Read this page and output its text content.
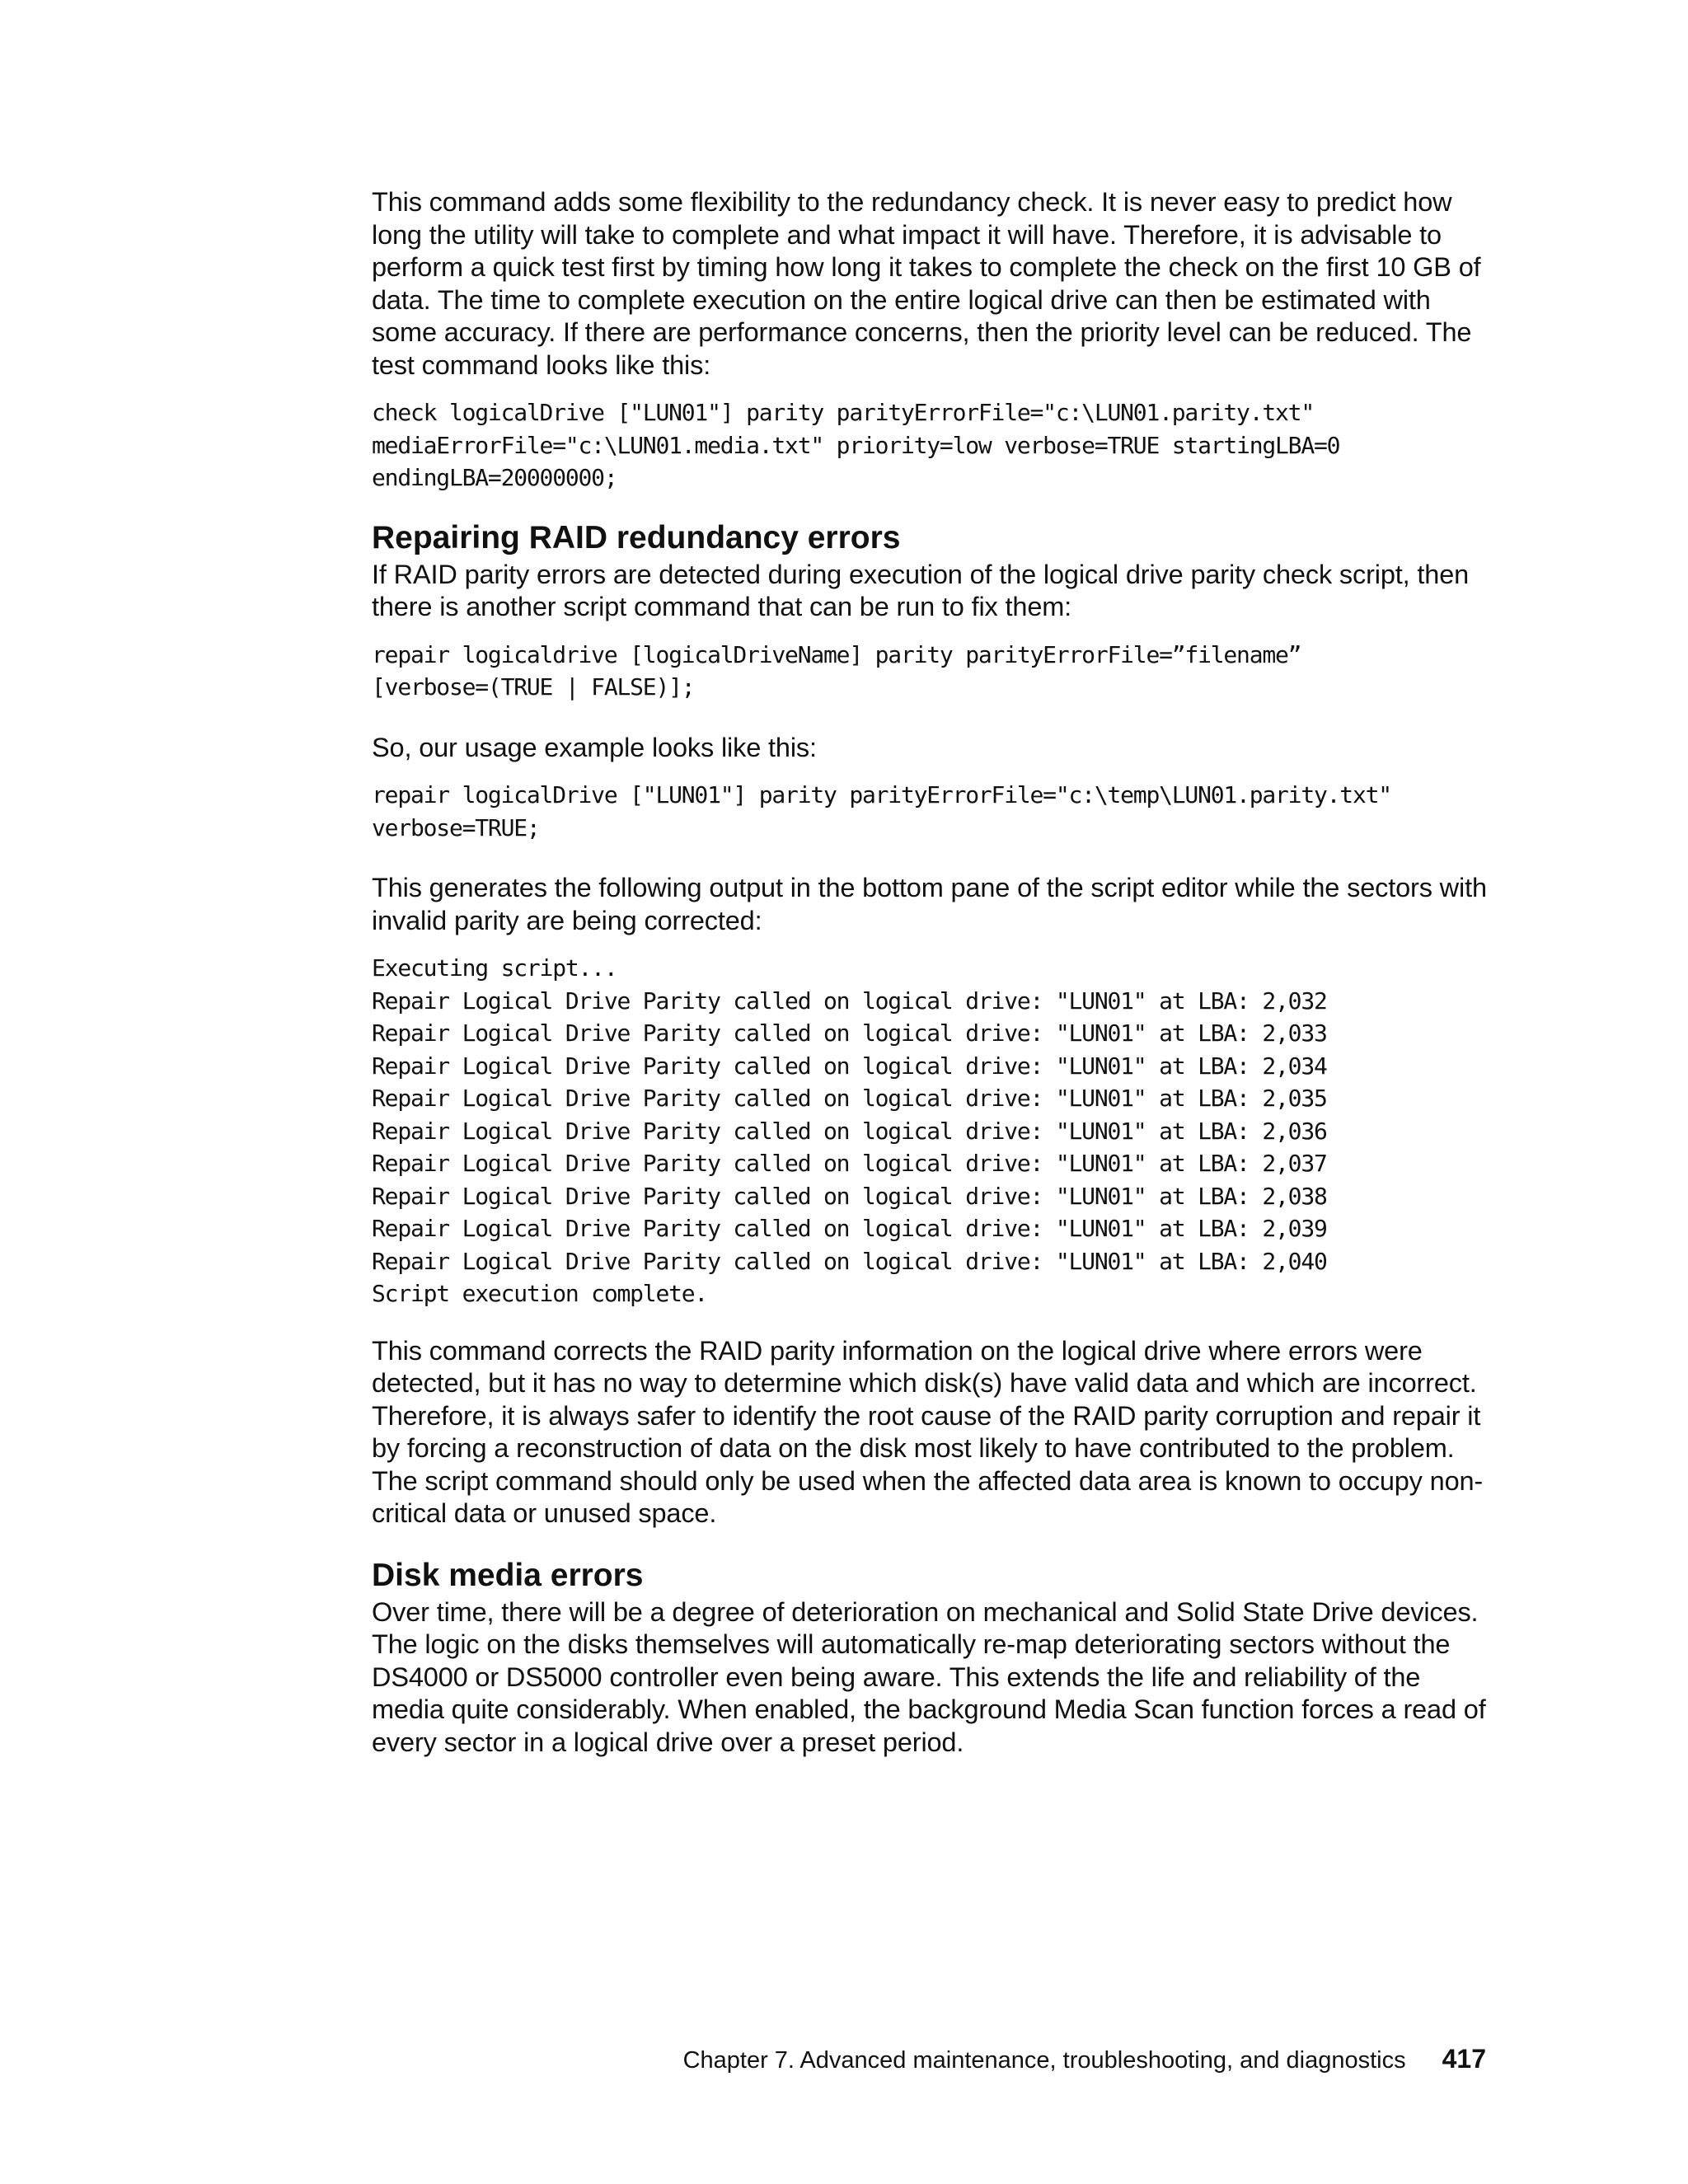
This command adds some flexibility to the redundancy check. It is never easy to predict how long the utility will take to complete and what impact it will have. Therefore, it is advisable to perform a quick test first by timing how long it takes to complete the check on the first 10 GB of data. The time to complete execution on the entire logical drive can then be estimated with some accuracy. If there are performance concerns, then the priority level can be reduced. The test command looks like this:

check logicalDrive ["LUN01"] parity parityErrorFile="c:\LUN01.parity.txt"
mediaErrorFile="c:\LUN01.media.txt" priority=low verbose=TRUE startingLBA=0
endingLBA=20000000;
Repairing RAID redundancy errors

If RAID parity errors are detected during execution of the logical drive parity check script, then there is another script command that can be run to fix them:

repair logicaldrive [logicalDriveName] parity parityErrorFile=”filename”
[verbose=(TRUE | FALSE)];

So, our usage example looks like this:

repair logicalDrive ["LUN01"] parity parityErrorFile="c:\temp\LUN01.parity.txt"
verbose=TRUE;

This generates the following output in the bottom pane of the script editor while the sectors with invalid parity are being corrected:

Executing script...
Repair Logical Drive Parity called on logical drive: "LUN01" at LBA: 2,032
Repair Logical Drive Parity called on logical drive: "LUN01" at LBA: 2,033
Repair Logical Drive Parity called on logical drive: "LUN01" at LBA: 2,034
Repair Logical Drive Parity called on logical drive: "LUN01" at LBA: 2,035
Repair Logical Drive Parity called on logical drive: "LUN01" at LBA: 2,036
Repair Logical Drive Parity called on logical drive: "LUN01" at LBA: 2,037
Repair Logical Drive Parity called on logical drive: "LUN01" at LBA: 2,038
Repair Logical Drive Parity called on logical drive: "LUN01" at LBA: 2,039
Repair Logical Drive Parity called on logical drive: "LUN01" at LBA: 2,040
Script execution complete.

This command corrects the RAID parity information on the logical drive where errors were detected, but it has no way to determine which disk(s) have valid data and which are incorrect. Therefore, it is always safer to identify the root cause of the RAID parity corruption and repair it by forcing a reconstruction of data on the disk most likely to have contributed to the problem. The script command should only be used when the affected data area is known to occupy non-critical data or unused space.

Disk media errors

Over time, there will be a degree of deterioration on mechanical and Solid State Drive devices. The logic on the disks themselves will automatically re-map deteriorating sectors without the DS4000 or DS5000 controller even being aware. This extends the life and reliability of the media quite considerably. When enabled, the background Media Scan function forces a read of every sector in a logical drive over a preset period.

Chapter 7. Advanced maintenance, troubleshooting, and diagnostics 417
